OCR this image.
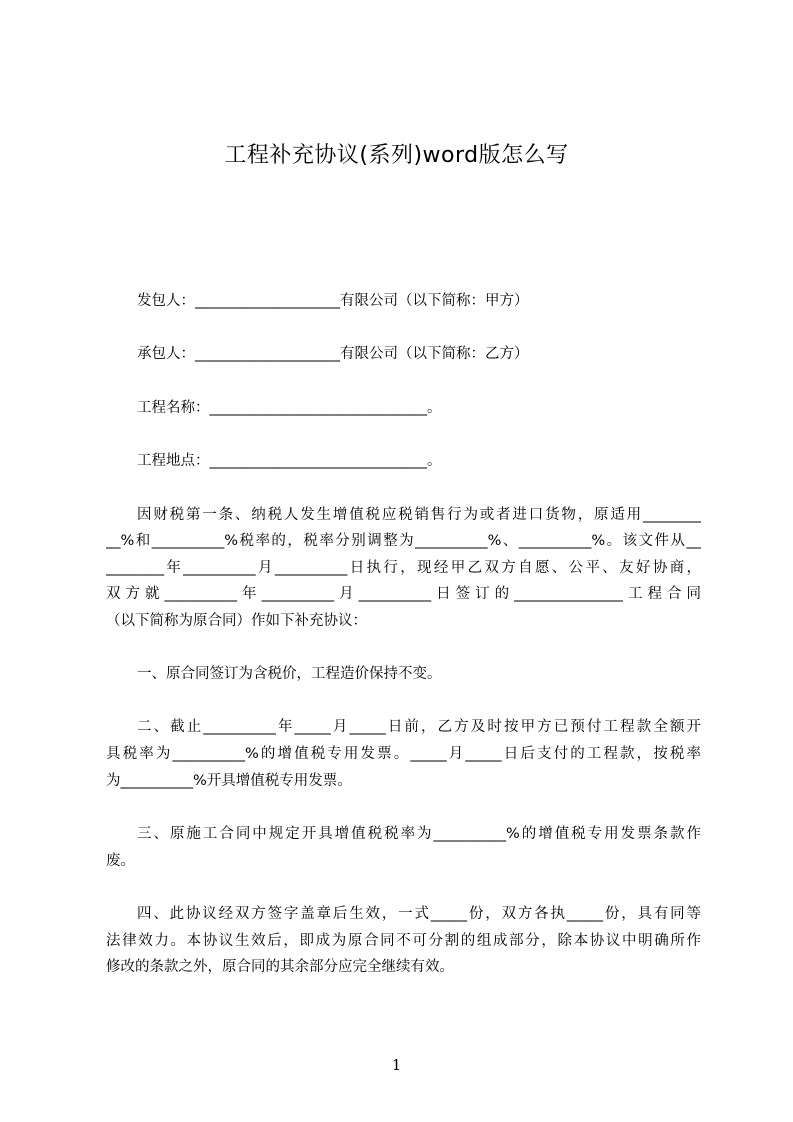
工程补充协议(系列)word版怎么写
发包人：____________________有限公司（以下简称：甲方）
承包人：____________________有限公司（以下简称：乙方）
工程名称：______________________________。
工程地点：______________________________。
因财税第一条、纳税人发生增值税应税销售行为或者进口货物，原适用________
__%和__________%税率的，税率分别调整为__________%、__________%。该文件从__
________年__________月__________日执行，现经甲乙双方自愿、公平、友好协商，
双方就__________年__________月__________日签订的_______________工程合同
（以下简称为原合同）作如下补充协议：
一、原合同签订为含税价，工程造价保持不变。
二、截止__________年_____月_____日前，乙方及时按甲方已预付工程款全额开
具税率为__________%的增值税专用发票。_____月_____日后支付的工程款，按税率
为__________%开具增值税专用发票。
三、原施工合同中规定开具增值税税率为__________%的增值税专用发票条款作
废。
四、此协议经双方签字盖章后生效，一式_____份，双方各执_____份，具有同等
法律效力。本协议生效后，即成为原合同不可分割的组成部分，除本协议中明确所作
修改的条款之外，原合同的其余部分应完全继续有效。
1
